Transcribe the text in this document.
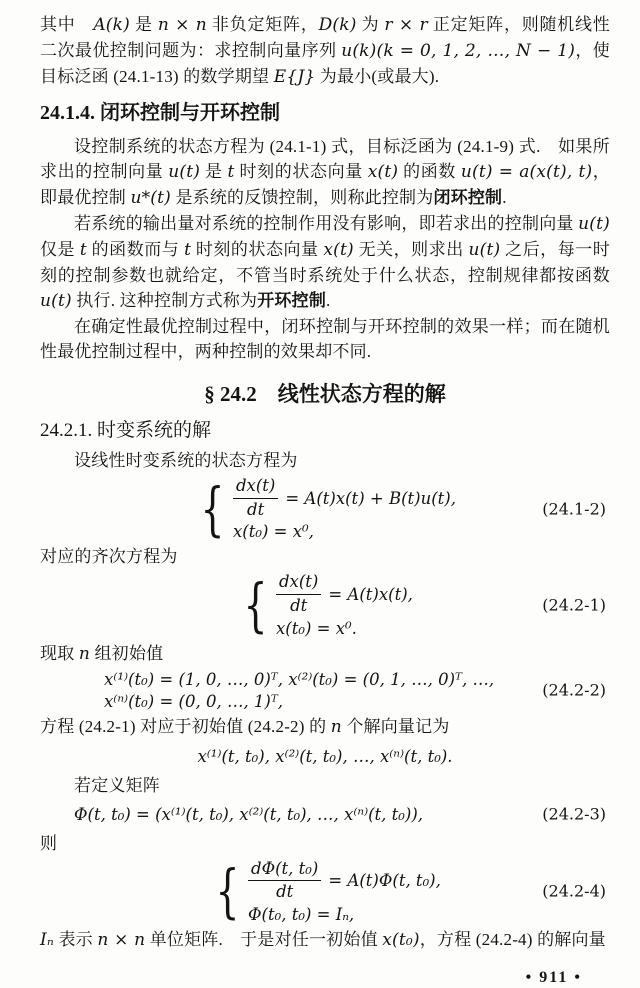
其中　A(k) 是 n × n 非负定矩阵，D(k) 为 r × r 正定矩阵，则随机线性二次最优控制问题为：求控制向量序列 u(k)(k = 0, 1, 2, …, N − 1)，使目标泛函 (24.1-13) 的数学期望 E{J} 为最小(或最大).

24.1.4. 闭环控制与开环控制

设控制系统的状态方程为 (24.1-1) 式，目标泛函为 (24.1-9) 式.　如果所求出的控制向量 u(t) 是 t 时刻的状态向量 x(t) 的函数 u(t) = a(x(t), t)，即最优控制 u*(t) 是系统的反馈控制，则称此控制为闭环控制.

若系统的输出量对系统的控制作用没有影响，即若求出的控制向量 u(t) 仅是 t 的函数而与 t 时刻的状态向量 x(t) 无关，则求出 u(t) 之后，每一时刻的控制参数也就给定，不管当时系统处于什么状态，控制规律都按函数 u(t) 执行. 这种控制方式称为开环控制.

在确定性最优控制过程中，闭环控制与开环控制的效果一样；而在随机性最优控制过程中，两种控制的效果却不同.

§ 24.2　线性状态方程的解
24.2.1. 时变系统的解

设线性时变系统的状态方程为

{ $\frac{dx(t)}{dt} = A(t)x(t) + B(t)u(t)$,
x(t₀) = x⁰,
(24.1-2)

对应的齐次方程为

{ $\frac{dx(t)}{dt} = A(t)x(t)$,
x(t₀) = x⁰.
(24.2-1)

现取 n 组初始值

x⁽¹⁾(t₀) = (1, 0, …, 0)ᵀ, x⁽²⁾(t₀) = (0, 1, …, 0)ᵀ, …,
x⁽ⁿ⁾(t₀) = (0, 0, …, 1)ᵀ,
(24.2-2)

方程 (24.2-1) 对应于初始值 (24.2-2) 的 n 个解向量记为

x⁽¹⁾(t, t₀), x⁽²⁾(t, t₀), …, x⁽ⁿ⁾(t, t₀).

若定义矩阵

Φ(t, t₀) = (x⁽¹⁾(t, t₀), x⁽²⁾(t, t₀), …, x⁽ⁿ⁾(t, t₀)),	(24.2-3)

则

{ $\frac{\text{dΦ(t, t₀)}}{dt} = A(t)\Phi(t$, t₀),
Φ(t₀, t₀) = Iₙ,
(24.2-4)

Iₙ 表示 n × n 单位矩阵.　于是对任一初始值 x(t₀)，方程 (24.2-4) 的解向量

• 911 •
